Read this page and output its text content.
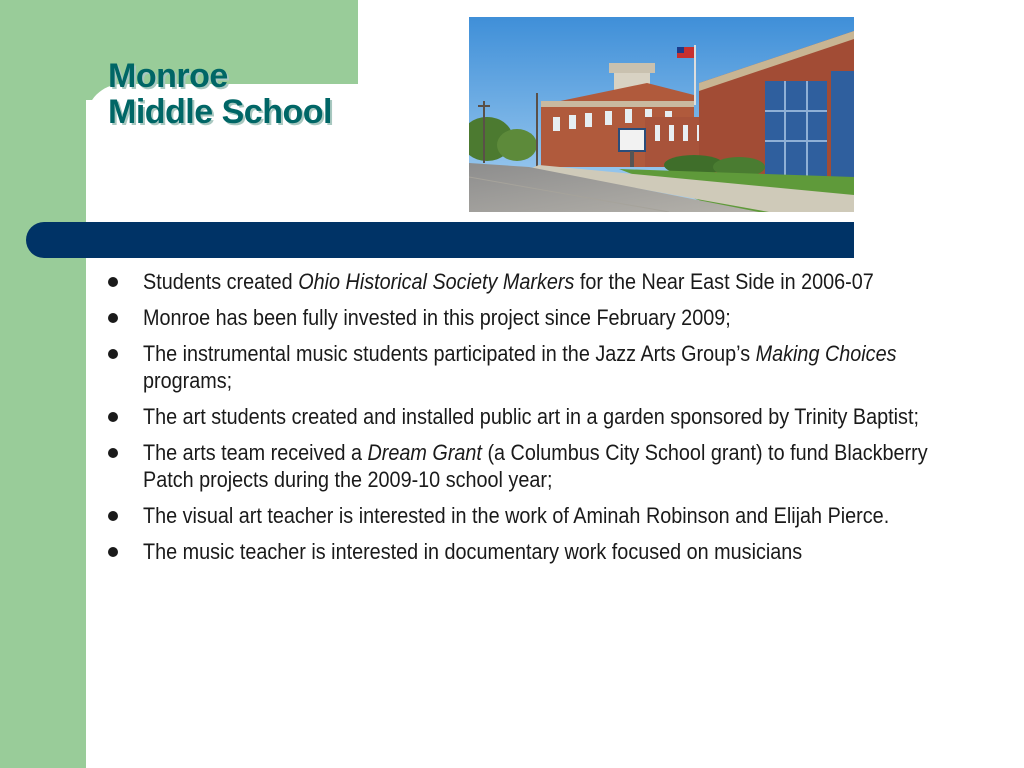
Monroe
Middle School
Students created Ohio Historical Society Markers for the Near East Side in 2006-07
Monroe has been fully invested in this project since February 2009;
The instrumental music students participated in the Jazz Arts Group’s Making Choices programs;
The art students created and installed public art in a garden sponsored by Trinity Baptist;
The arts team received a Dream Grant (a Columbus City School grant) to fund Blackberry Patch projects during the 2009-10 school year;
The visual art teacher is interested in the work of Aminah Robinson and Elijah Pierce.
The music teacher is interested in documentary work focused on musicians
